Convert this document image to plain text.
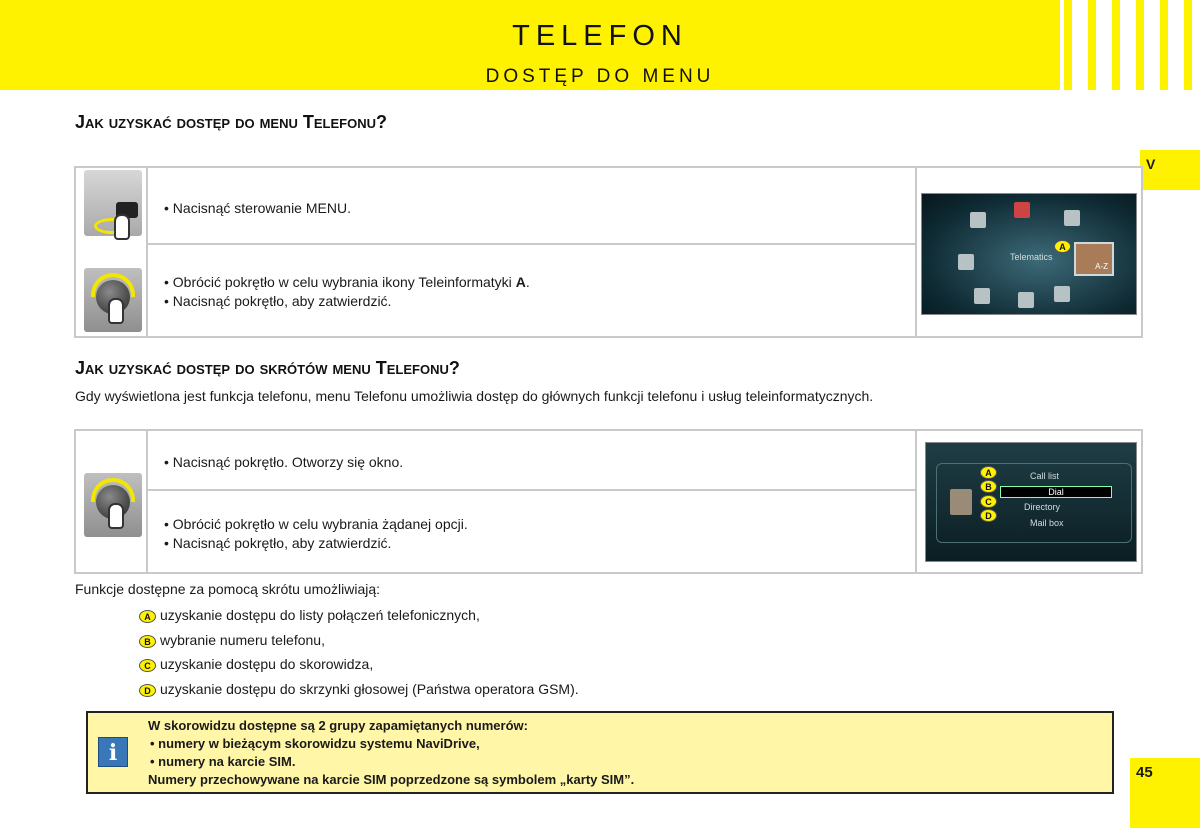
TELEFON
DOSTĘP DO MENU
V
45
Jak uzyskać dostęp do menu Telefonu?
• Nacisnąć sterowanie MENU.
• Obrócić pokrętło w celu wybrania ikony Teleinformatyki A.
• Nacisnąć pokrętło, aby zatwierdzić.
Telematics
A
A-Z
Jak uzyskać dostęp do skrótów menu Telefonu?
Gdy wyświetlona jest funkcja telefonu, menu Telefonu umożliwia dostęp do głównych funkcji telefonu i usług teleinformatycznych.
• Nacisnąć pokrętło. Otworzy się okno.
• Obrócić pokrętło w celu wybrania żądanej opcji.
• Nacisnąć pokrętło, aby zatwierdzić.
A
B
C
D
Call list
Dial
Directory
Mail box
Funkcje dostępne za pomocą skrótu umożliwiają:
A uzyskanie dostępu do listy połączeń telefonicznych,
B wybranie numeru telefonu,
C uzyskanie dostępu do skorowidza,
D uzyskanie dostępu do skrzynki głosowej (Państwa operatora GSM).
i
W skorowidzu dostępne są 2 grupy zapamiętanych numerów:
• numery w bieżącym skorowidzu systemu NaviDrive,
• numery na karcie SIM.
Numery przechowywane na karcie SIM poprzedzone są symbolem „karty SIM”.
